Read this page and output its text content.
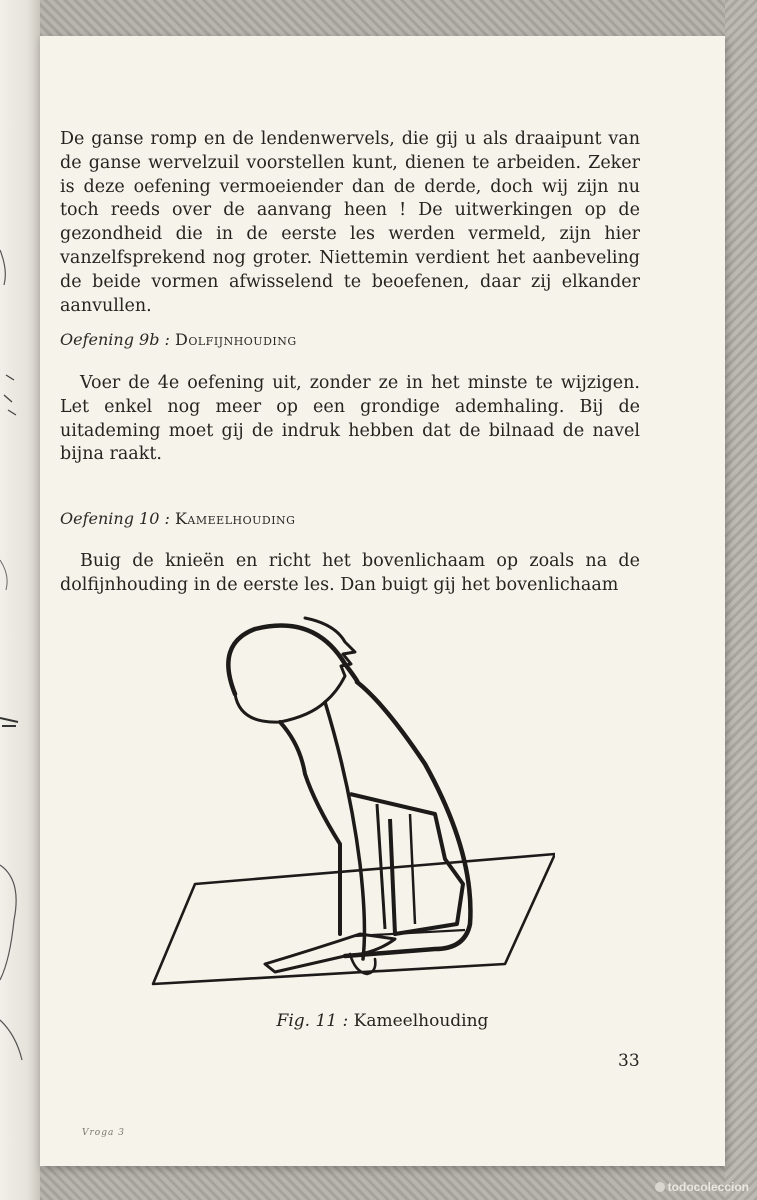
De ganse romp en de lendenwervels, die gij u als draaipunt van de ganse wervelzuil voorstellen kunt, dienen te arbeiden. Zeker is deze oefening vermoeiender dan de derde, doch wij zijn nu toch reeds over de aanvang heen ! De uitwerkingen op de gezondheid die in de eerste les werden vermeld, zijn hier vanzelfsprekend nog groter. Niettemin verdient het aanbeveling de beide vormen afwisselend te beoefenen, daar zij elkander aanvullen.
Oefening 9b : Dolfijnhouding
Voer de 4e oefening uit, zonder ze in het minste te wijzigen. Let enkel nog meer op een grondige ademhaling. Bij de uitademing moet gij de indruk hebben dat de bilnaad de navel bijna raakt.
Oefening 10 : Kameelhouding
Buig de knieën en richt het bovenlichaam op zoals na de dolfijnhouding in de eerste les. Dan buigt gij het bovenlichaam
Fig. 11 : Kameelhouding
33
Vroga 3
todocoleccion
